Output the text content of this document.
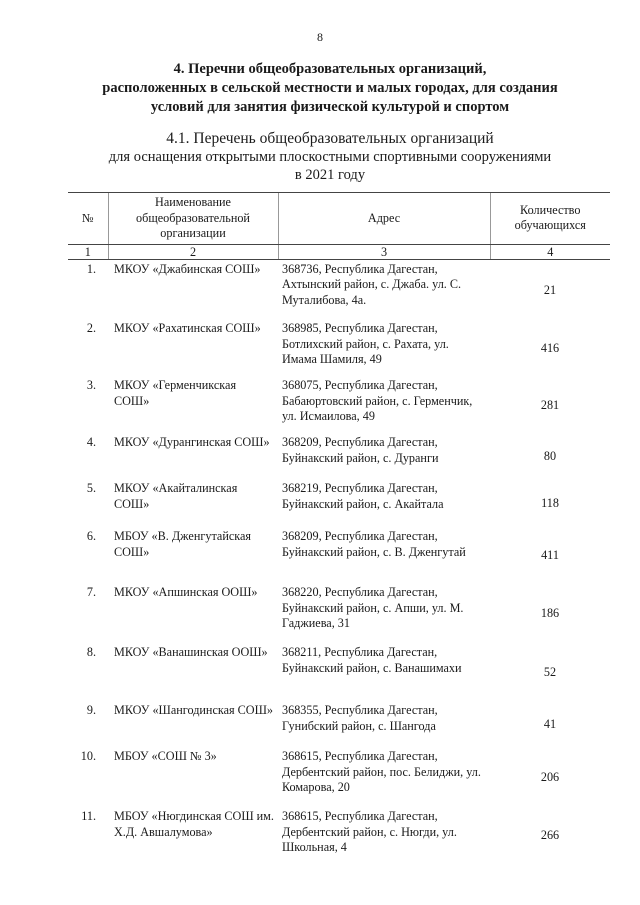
8
4. Перечни общеобразовательных организаций,
расположенных в сельской местности и малых городах, для создания
условий для занятия физической культурой и спортом
4.1. Перечень общеобразовательных организаций
для оснащения открытыми плоскостными спортивными сооружениями
в 2021 году
№	Наименование общеобразовательной организации	Адрес	Количество обучающихся
1	2	3	4
1.	МКОУ «Джабинская СОШ»	368736, Республика Дагестан, Ахтынский район, с. Джаба. ул. С. Муталибова, 4а.	21
2.	МКОУ «Рахатинская СОШ»	368985, Республика Дагестан, Ботлихский район, с. Рахата, ул. Имама Шамиля, 49	416
3.	МКОУ «Герменчикская СОШ»	368075, Республика Дагестан, Бабаюртовский район, с. Герменчик, ул. Исмаилова, 49	281
4.	МКОУ «Дурангинская СОШ»	368209, Республика Дагестан, Буйнакский район, с. Дуранги	80
5.	МКОУ «Акайталинская СОШ»	368219, Республика Дагестан, Буйнакский район, с. Акайтала	118
6.	МБОУ «В. Дженгутайская СОШ»	368209, Республика Дагестан, Буйнакский район, с. В. Дженгутай	411
7.	МКОУ «Апшинская ООШ»	368220, Республика Дагестан, Буйнакский район, с. Апши, ул. М. Гаджиева, 31	186
8.	МКОУ «Ванашинская ООШ»	368211, Республика Дагестан, Буйнакский район, с. Ванашимахи	52
9.	МКОУ «Шангодинская СОШ»	368355, Республика Дагестан, Гунибский район, с. Шангода	41
10.	МБОУ «СОШ № 3»	368615, Республика Дагестан, Дербентский район, пос. Белиджи, ул. Комарова, 20	206
11.	МБОУ «Нюгдинская СОШ им. Х.Д. Авшалумова»	368615, Республика Дагестан, Дербентский район, с. Нюгди, ул. Школьная, 4	266
